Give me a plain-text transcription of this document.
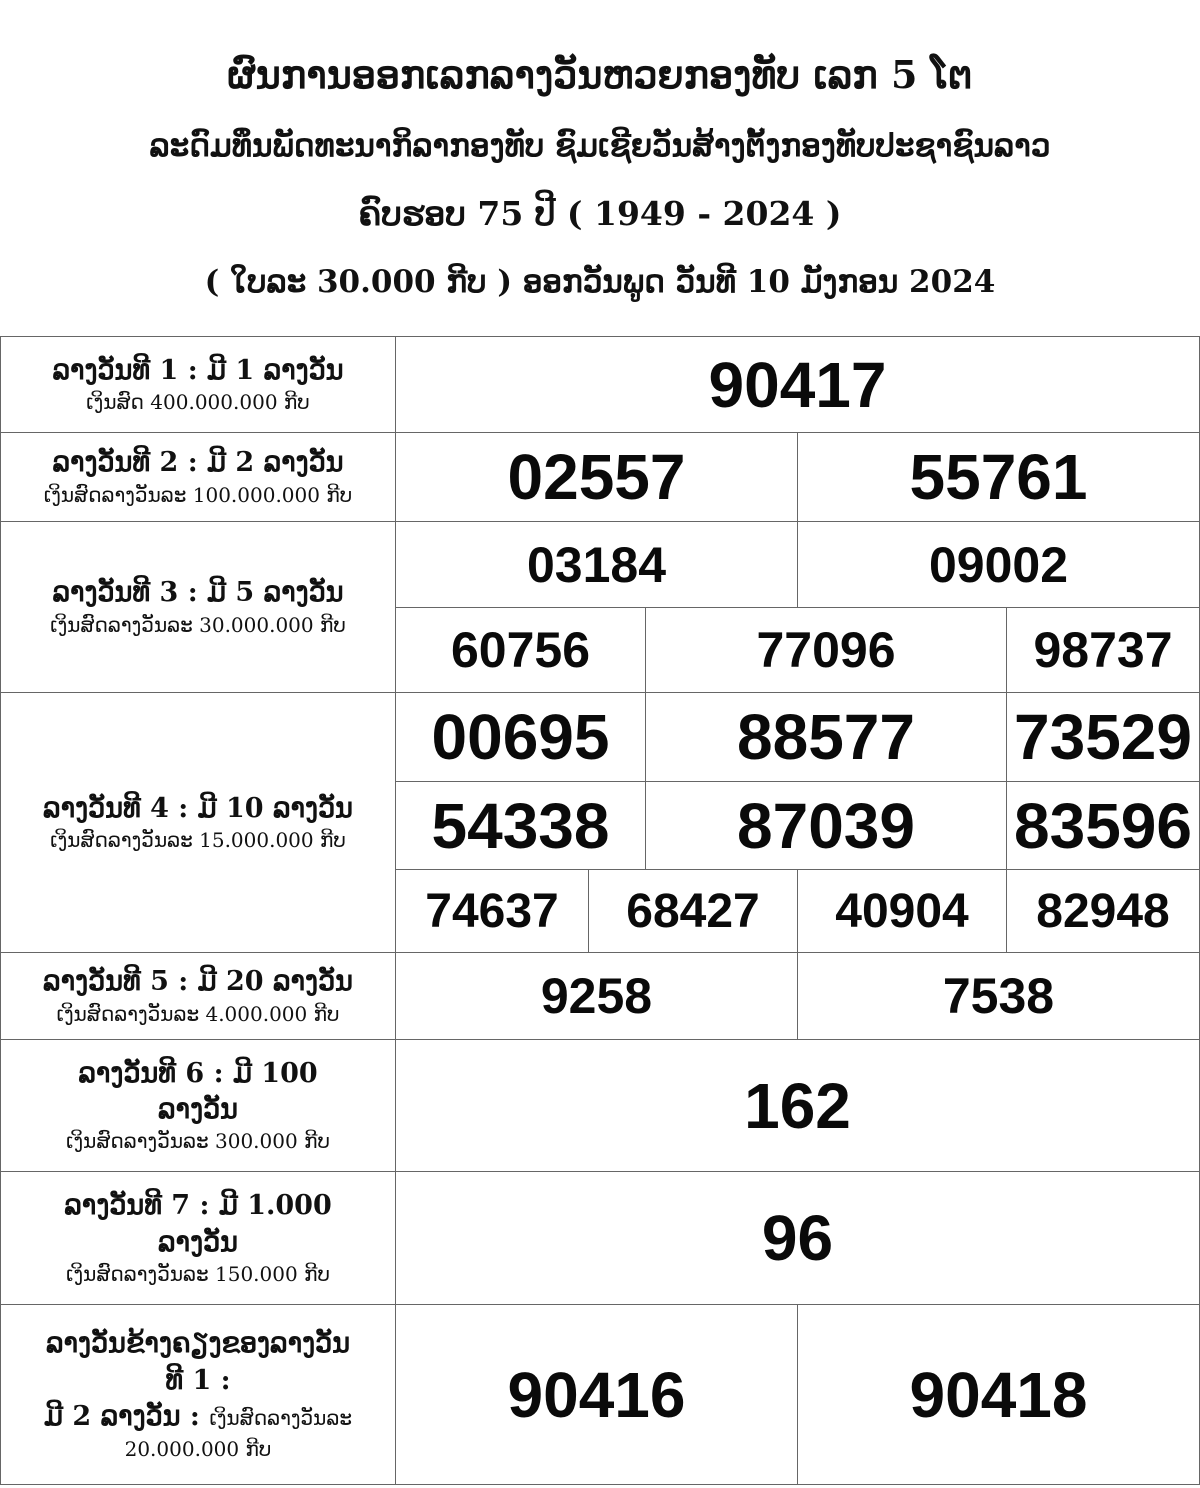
ຜົນການອອກເລກລາງວັນຫວຍກອງທັບ ເລກ 5 ໂຕ
ລະດົມທຶນພັດທະນາກິລາກອງທັບ ຊົມເຊີຍວັນສ້າງຕັ້ງກອງທັບປະຊາຊົນລາວ
ຄົບຮອບ 75 ປີ ( 1949 - 2024 )
( ໃບລະ 30.000 ກີບ ) ອອກວັນພູດ ວັນທີ 10 ມັງກອນ 2024
ລາງວັນທີ 1 : ມີ 1 ລາງວັນ
ເງິນສົດ 400.000.000 ກີບ	90417				

ລາງວັນທີ 2 : ມີ 2 ລາງວັນ
ເງິນສົດລາງວັນລະ 100.000.000 ກີບ	02557			55761	

ລາງວັນທີ 3 : ມີ 5 ລາງວັນ
ເງິນສົດລາງວັນລະ 30.000.000 ກີບ	03184			09002	
	60756		77096		98737

ລາງວັນທີ 4 : ມີ 10 ລາງວັນ
ເງິນສົດລາງວັນລະ 15.000.000 ກີບ	00695		88577		73529
	54338		87039		83596
	74637	68427		40904	82948

ລາງວັນທີ 5 : ມີ 20 ລາງວັນ
ເງິນສົດລາງວັນລະ 4.000.000 ກີບ	9258			7538	

ລາງວັນທີ 6 : ມີ 100
ລາງວັນ
ເງິນສົດລາງວັນລະ 300.000 ກີບ	162				

ລາງວັນທີ 7 : ມີ 1.000
ລາງວັນ
ເງິນສົດລາງວັນລະ 150.000 ກີບ	96				

ລາງວັນຂ້າງຄຽງຂອງລາງວັນ
ທີ 1 :
ມີ 2 ລາງວັນ : ເງິນສົດລາງວັນລະ
20.000.000 ກີບ	90416			90418	
